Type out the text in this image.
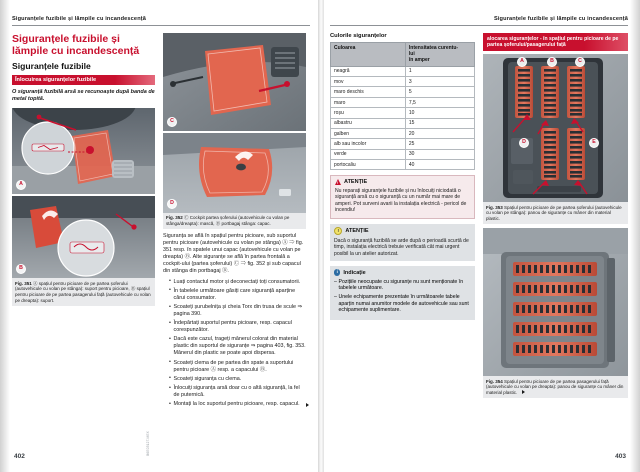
Siguranțele fuzibile și lămpile cu incandescență
Siguranțele fuzibile și lămpile cu incandescență
Siguranțele fuzibile
Înlocuirea siguranțelor fuzibile
O siguranță fuzibilă arsă se recunoaște după banda de metal topită.
A
B
Fig. 351 Ⓐ spațiul pentru picioare de pe partea șoferului (autovehicule cu volan pe stânga): suport pentru picioare, Ⓑ spațiul pentru picioare de pe partea pasagerului față (autovehicule cu volan pe dreapta): suport.
C
D
Fig. 352 Ⓒ Cockpit partea șoferului (autovehicule cu volan pe stânga/dreapta): mască, Ⓓ portbagaj stânga: capac.

Siguranța se află în spațiul pentru picioare, sub suportul pentru picioare (autovehicule cu volan pe stânga) Ⓐ ⇒ fig. 351 resp. în spatele unui capac (autovehicule cu volan pe dreapta) Ⓑ. Alte siguranțe se află în partea frontală a cockpit-ului (partea șoferului) Ⓒ ⇒ fig. 352 și sub capacul din stânga din portbagaj Ⓓ.

• Luați contactul motor și deconectați toți consumatorii.
• În tabelele următoare găsiți care siguranță aparține cărui consumator.
• Scoateți șurubelnița și cheia Torx din trusa de scule ⇒ pagina 390.
• Îndepărtați suportul pentru picioare, resp. capacul corespunzător.
• Dacă este cazul, trageți mânerul colorat din material plastic din suportul de siguranțe ⇒ pagina 403, fig. 353. Mânerul din plastic se poate apoi dispersa.
• Scoateți clema de pe partea din spate a suportului pentru picioare Ⓐ resp. a capacului Ⓑ.
• Scoateți siguranța cu clema.
• Înlocuiți siguranța arsă doar cu o altă siguranță, la fel de puternică.
• Montați la loc suportul pentru picioare, resp. capacul.
B6E0512T.MEX
402
Siguranțele fuzibile și lămpile cu incandescență
Culorile siguranțelor
Culoarea	Intensitatea curentu-
lui
în amper
neagră	1
mov	3
maro deschis	5
maro	7,5
roșu	10
albastru	15
galben	20
alb sau incolor	25
verde	30
portocaliu	40
!
ATENȚIE

Nu reparați siguranțele fuzibile și nu înlocuiți niciodată o siguranță arsă cu o siguranță cu un număr mai mare de amperi. Pot surveni avarii la instalația electrică - pericol de incendiu!

!	ATENȚIE

Dacă o siguranță fuzibilă se arde după o perioadă scurtă de timp, instalația electrică trebuie verificată cât mai urgent posibil la un atelier autorizat.

i	Indicație
– Pozițiile neocupate cu siguranțe nu sunt menționate în tabelele următoare.
– Unele echipamente prezentate în următoarele tabele aparțin numai anumitor modele de autovehicule sau sunt echipamente suplimentare.
alocarea siguranțelor - în spațiul pentru picioare de pe partea șoferului/pasagerului față
A	B	C
D	E
Fig. 353 Spațiul pentru picioare de pe partea șoferului (autovehicule cu volan pe stânga): panou de siguranțe cu mâner din material plastic.
Fig. 354 Spațiul pentru picioare de pe partea pasagerului față (autovehicule cu volan pe dreapta): panou de siguranțe cu mâner din material plastic.
403
